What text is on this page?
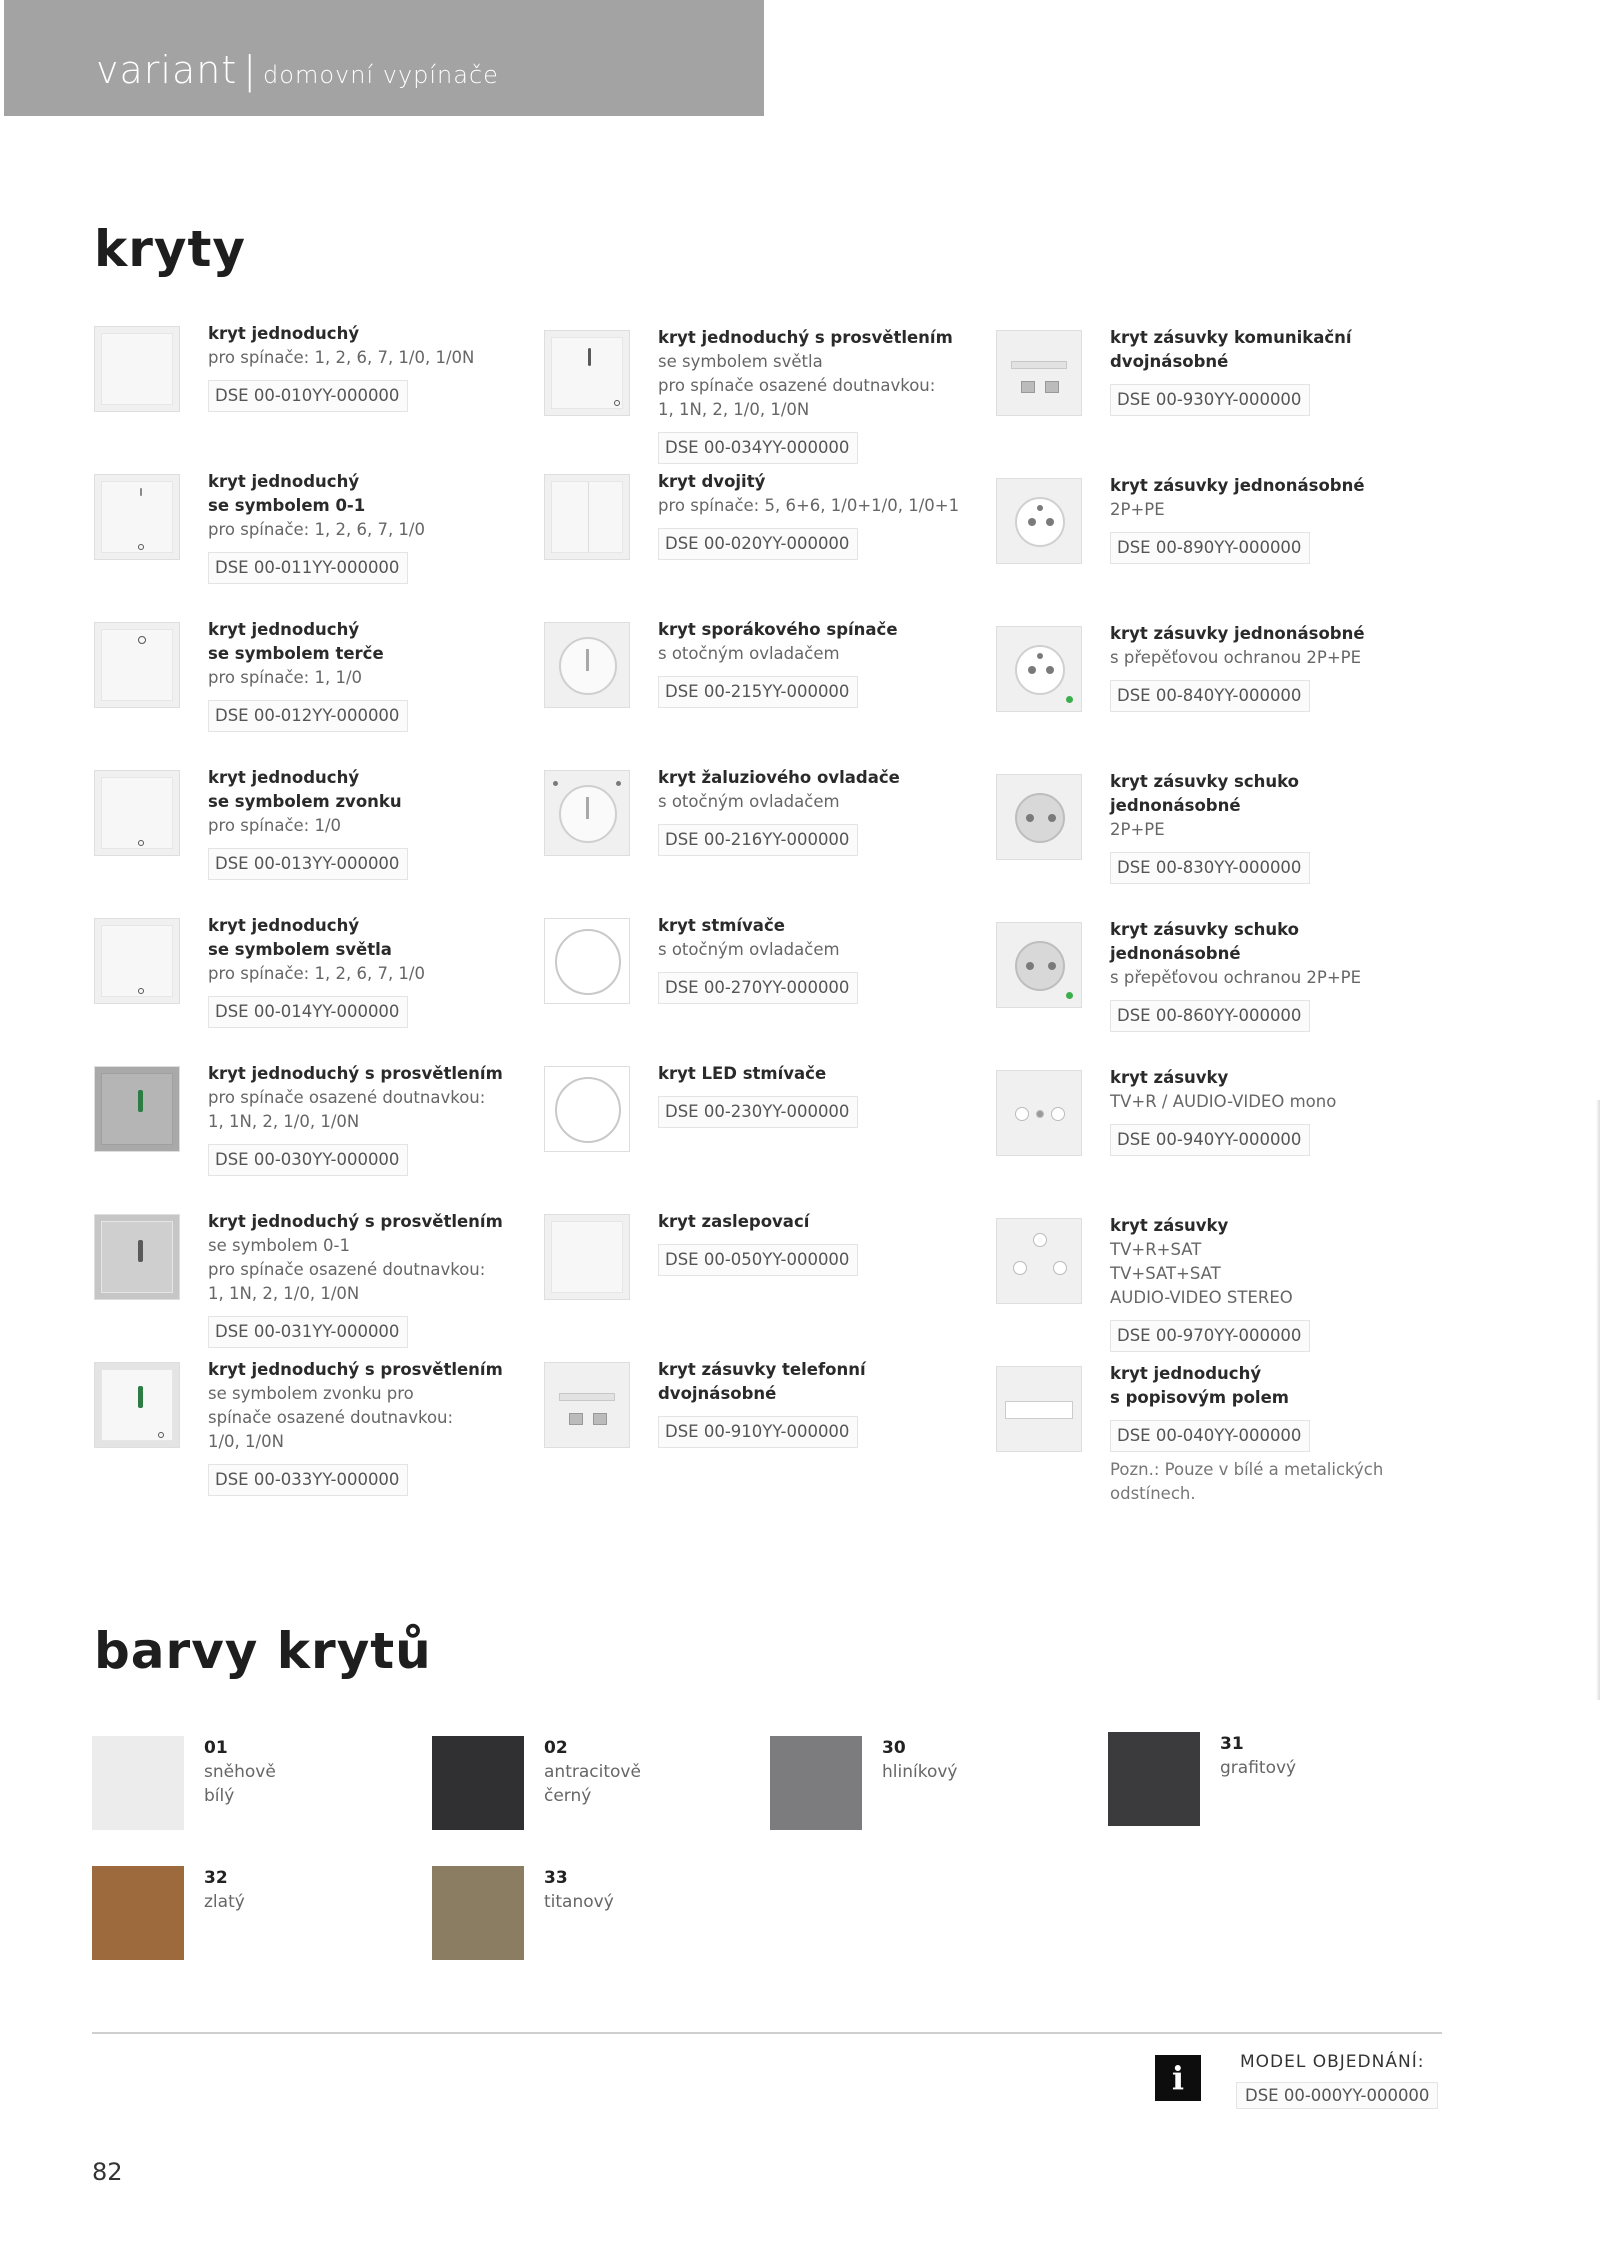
variant | domovní vypínače
kryty
kryt jednoduchý
pro spínače: 1, 2, 6, 7, 1/0, 1/0N
DSE 00-010YY-000000
kryt jednoduchý
se symbolem 0-1
pro spínače: 1, 2, 6, 7, 1/0
DSE 00-011YY-000000
kryt jednoduchý
se symbolem terče
pro spínače: 1, 1/0
DSE 00-012YY-000000
kryt jednoduchý
se symbolem zvonku
pro spínače: 1/0
DSE 00-013YY-000000
kryt jednoduchý
se symbolem světla
pro spínače: 1, 2, 6, 7, 1/0
DSE 00-014YY-000000
kryt jednoduchý s prosvětlením
pro spínače osazené doutnavkou:
1, 1N, 2, 1/0, 1/0N
DSE 00-030YY-000000
kryt jednoduchý s prosvětlením
se symbolem 0-1
pro spínače osazené doutnavkou:
1, 1N, 2, 1/0, 1/0N
DSE 00-031YY-000000
kryt jednoduchý s prosvětlením
se symbolem zvonku pro
spínače osazené doutnavkou:
1/0, 1/0N
DSE 00-033YY-000000
kryt jednoduchý s prosvětlením
se symbolem světla
pro spínače osazené doutnavkou:
1, 1N, 2, 1/0, 1/0N
DSE 00-034YY-000000
kryt dvojitý
pro spínače: 5, 6+6, 1/0+1/0, 1/0+1
DSE 00-020YY-000000
kryt sporákového spínače
s otočným ovladačem
DSE 00-215YY-000000
kryt žaluziového ovladače
s otočným ovladačem
DSE 00-216YY-000000
kryt stmívače
s otočným ovladačem
DSE 00-270YY-000000
kryt LED stmívače
DSE 00-230YY-000000
kryt zaslepovací
DSE 00-050YY-000000
kryt zásuvky telefonní
dvojnásobné
DSE 00-910YY-000000
kryt zásuvky komunikační
dvojnásobné
DSE 00-930YY-000000
kryt zásuvky jednonásobné
2P+PE
DSE 00-890YY-000000
kryt zásuvky jednonásobné
s přepěťovou ochranou 2P+PE
DSE 00-840YY-000000
kryt zásuvky schuko
jednonásobné
2P+PE
DSE 00-830YY-000000
kryt zásuvky schuko
jednonásobné
s přepěťovou ochranou 2P+PE
DSE 00-860YY-000000
kryt zásuvky
TV+R / AUDIO-VIDEO mono
DSE 00-940YY-000000
kryt zásuvky
TV+R+SAT
TV+SAT+SAT
AUDIO-VIDEO STEREO
DSE 00-970YY-000000
kryt jednoduchý
s popisovým polem
DSE 00-040YY-000000
Pozn.: Pouze v bílé a metalických odstínech.
barvy krytů
01
sněhově
bílý
02
antracitově
černý
30
hliníkový
31
grafitový
32
zlatý
33
titanový
i	MODEL OBJEDNÁNÍ:
DSE 00-000YY-000000
82
